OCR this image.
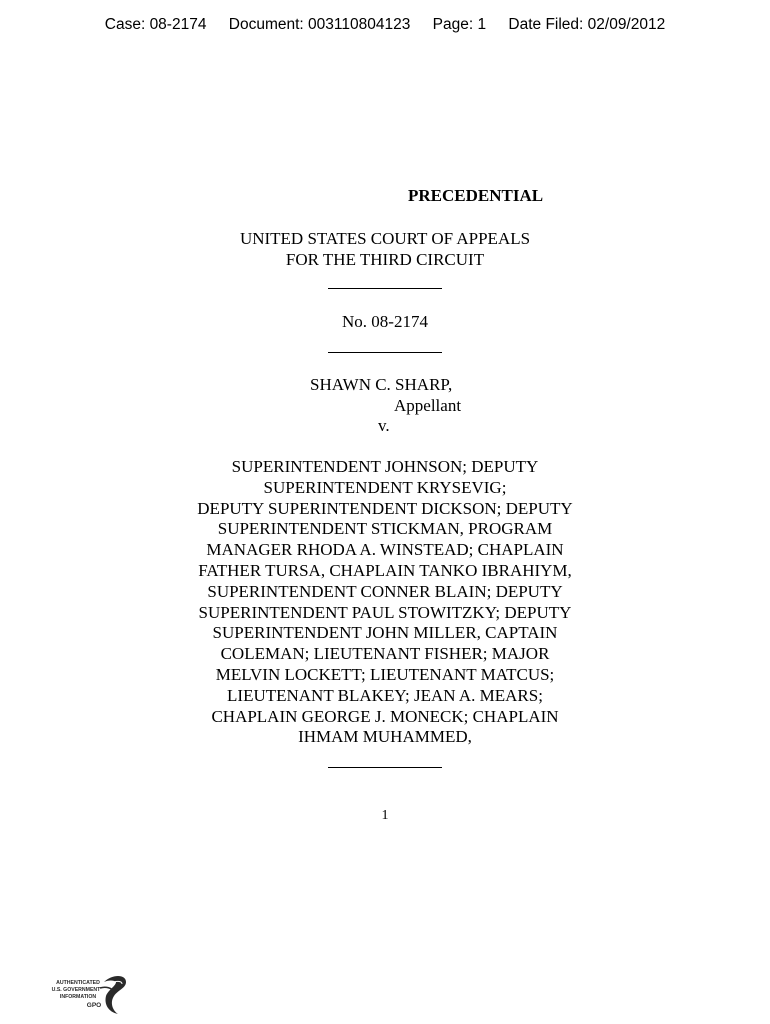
Case: 08-2174 Document: 003110804123 Page: 1 Date Filed: 02/09/2012
PRECEDENTIAL
UNITED STATES COURT OF APPEALS
FOR THE THIRD CIRCUIT
No. 08-2174
SHAWN C. SHARP,
Appellant
v.
SUPERINTENDENT JOHNSON; DEPUTY
SUPERINTENDENT KRYSEVIG;
DEPUTY SUPERINTENDENT DICKSON; DEPUTY
SUPERINTENDENT STICKMAN, PROGRAM
MANAGER RHODA A. WINSTEAD; CHAPLAIN
FATHER TURSA, CHAPLAIN TANKO IBRAHIYM,
SUPERINTENDENT CONNER BLAIN; DEPUTY
SUPERINTENDENT PAUL STOWITZKY; DEPUTY
SUPERINTENDENT JOHN MILLER, CAPTAIN
COLEMAN; LIEUTENANT FISHER; MAJOR
MELVIN LOCKETT; LIEUTENANT MATCUS;
LIEUTENANT BLAKEY; JEAN A. MEARS;
CHAPLAIN GEORGE J. MONECK; CHAPLAIN
IHMAM MUHAMMED,
1
AUTHENTICATED
U.S. GOVERNMENT
INFORMATION
GPO
